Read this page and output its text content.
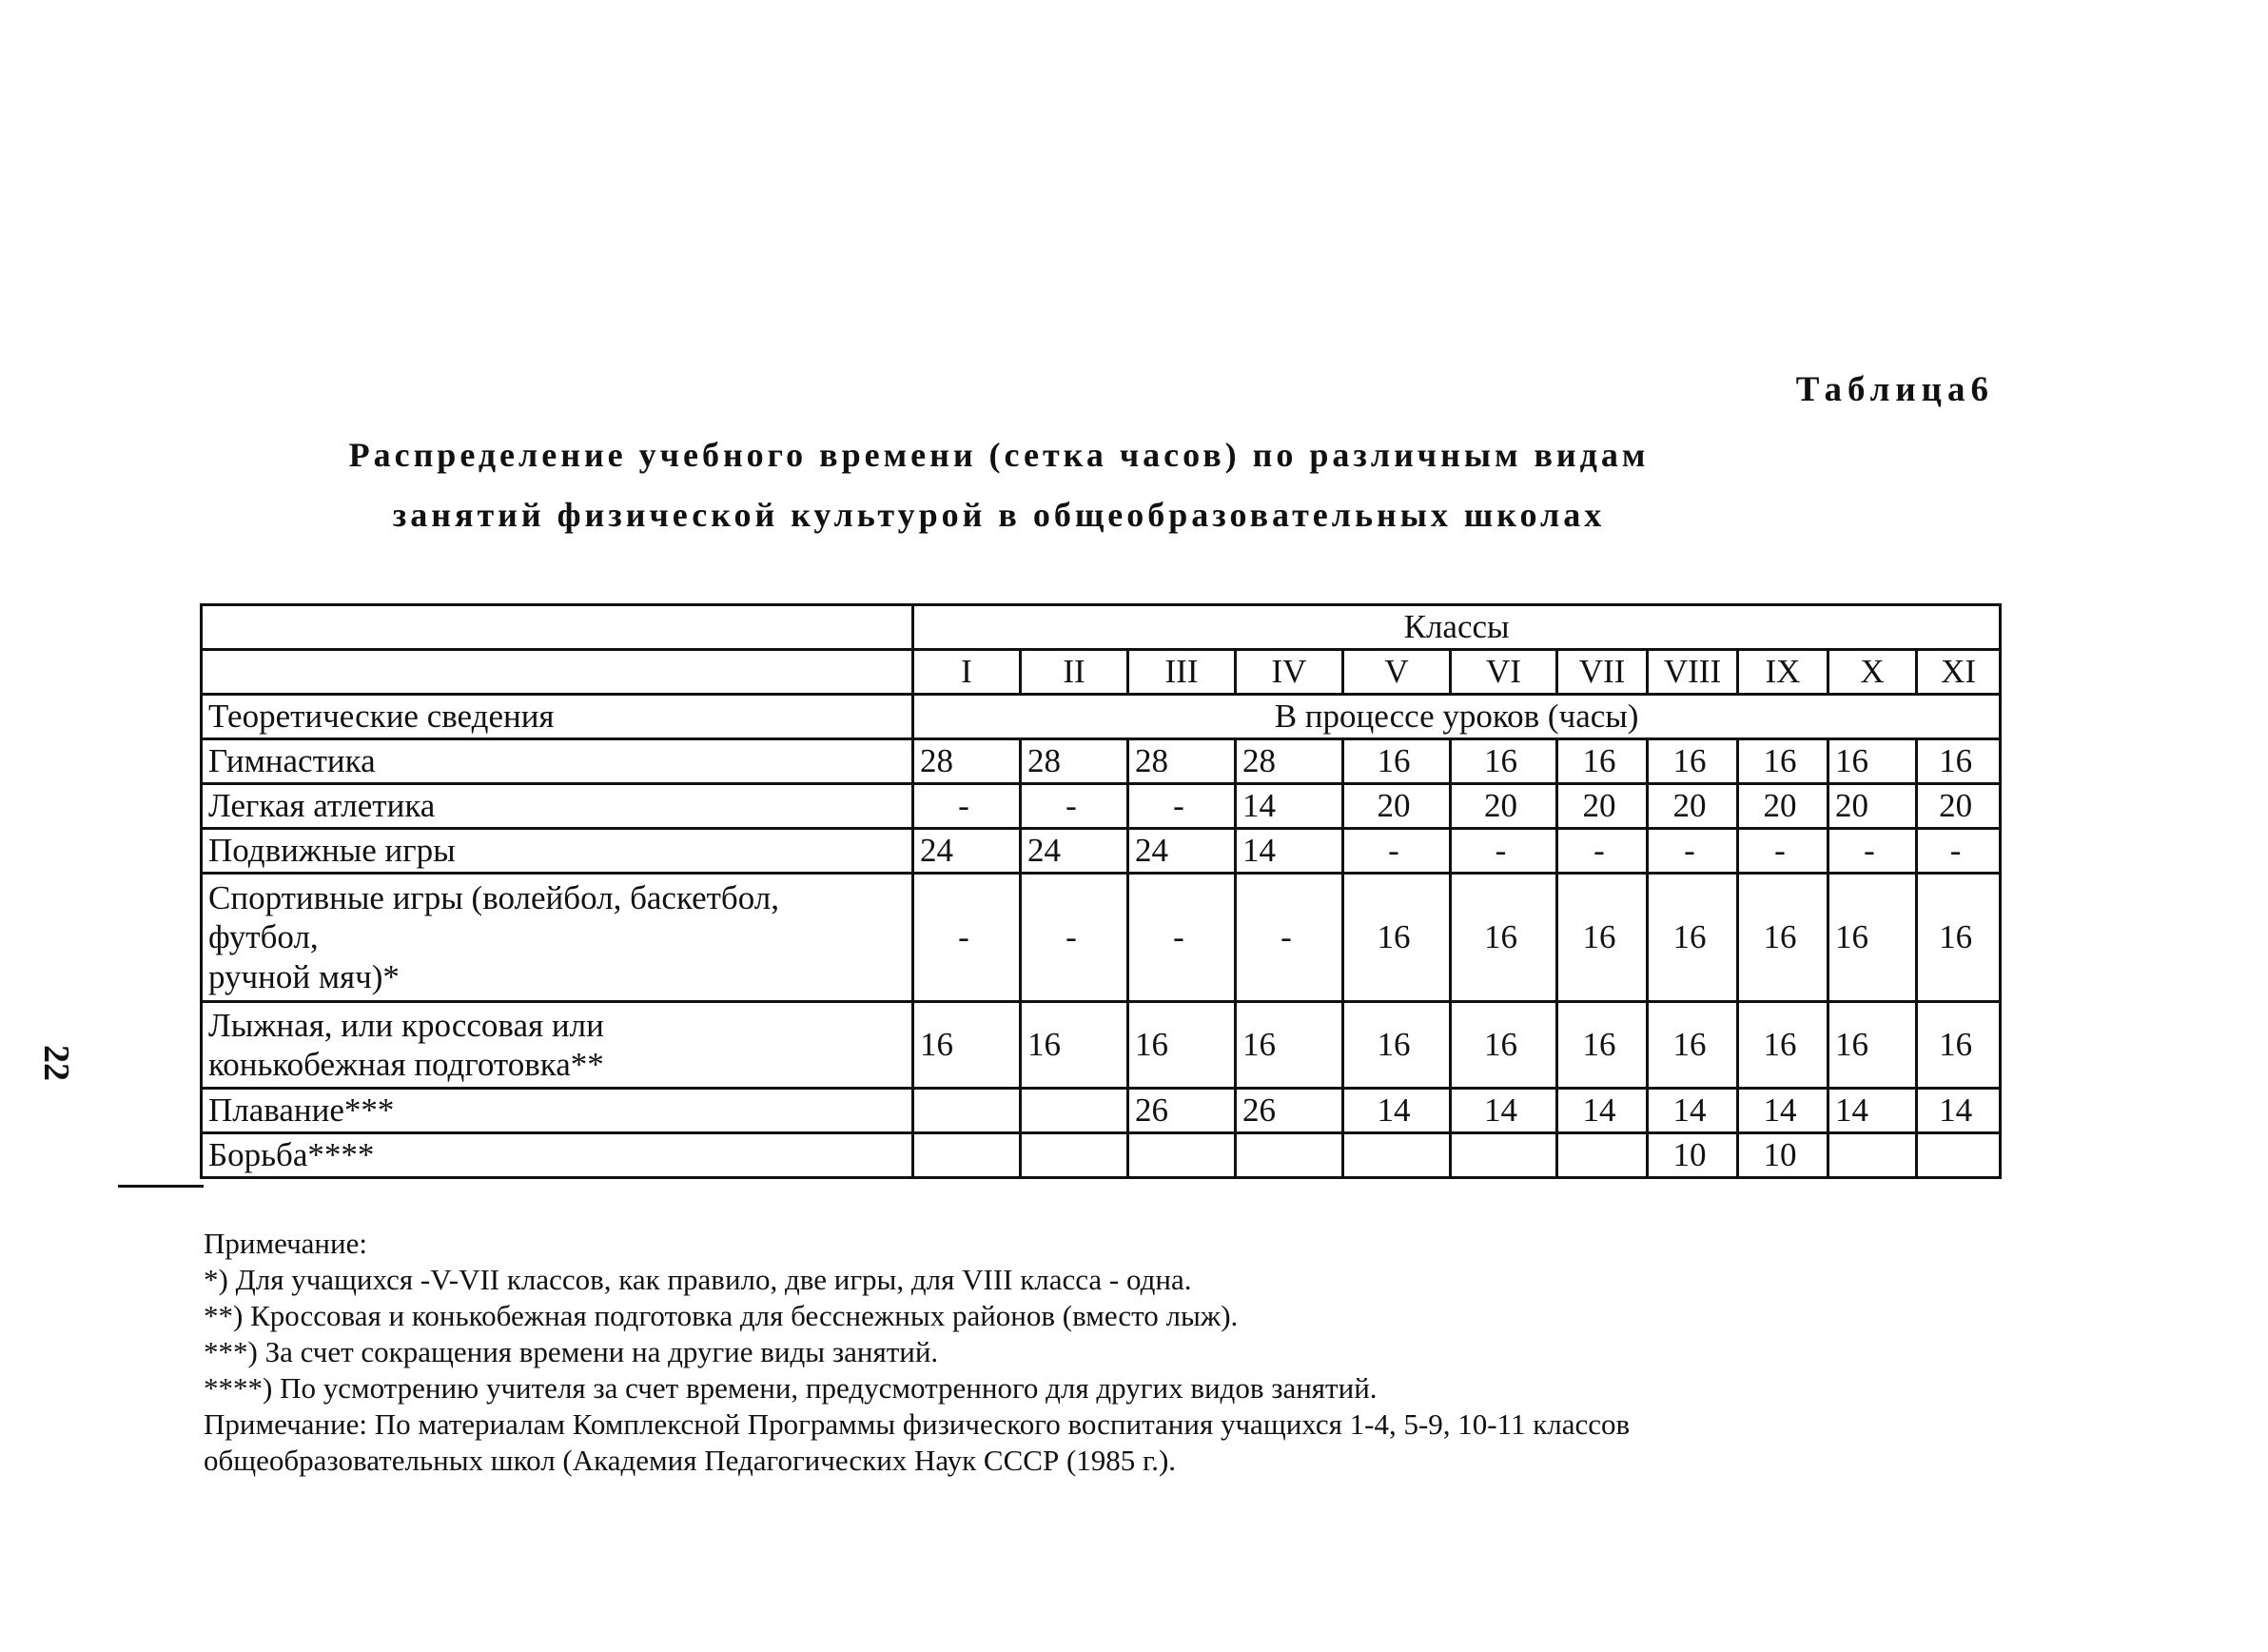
22
Таблица6
Распределение учебного времени (сетка часов) по различным видам
занятий физической культурой в общеобразовательных школах
	Классы										
	I	II	III	IV	V	VI	VII	VIII	IX	X	XI
Теоретические сведения	В процессе уроков (часы)										
Гимнастика	28	28	28	28	16	16	16	16	16	16	16
Легкая атлетика	-	-	-	14	20	20	20	20	20	20	20
Подвижные игры	24	24	24	14	-	-	-	-	-	-	-

Спортивные игры (волейбол, баскетбол,
футбол,
ручной мяч)*	-	-	-	-	16	16	16	16	16	16	16

Лыжная, или кроссовая или
конькобежная подготовка**	16	16	16	16	16	16	16	16	16	16	16
Плавание***			26	26	14	14	14	14	14	14	14
Борьба****								10	10		
Примечание:
*) Для учащихся -V-VII классов, как правило, две игры, для VIII класса - одна.
**) Кроссовая и конькобежная подготовка для бесснежных районов (вместо лыж).
***) За счет сокращения времени на другие виды занятий.
****) По усмотрению учителя за счет времени, предусмотренного для других видов занятий.
Примечание: По материалам Комплексной Программы физического воспитания учащихся 1-4, 5-9, 10-11 классов
общеобразовательных школ (Академия Педагогических Наук СССР (1985 г.).
